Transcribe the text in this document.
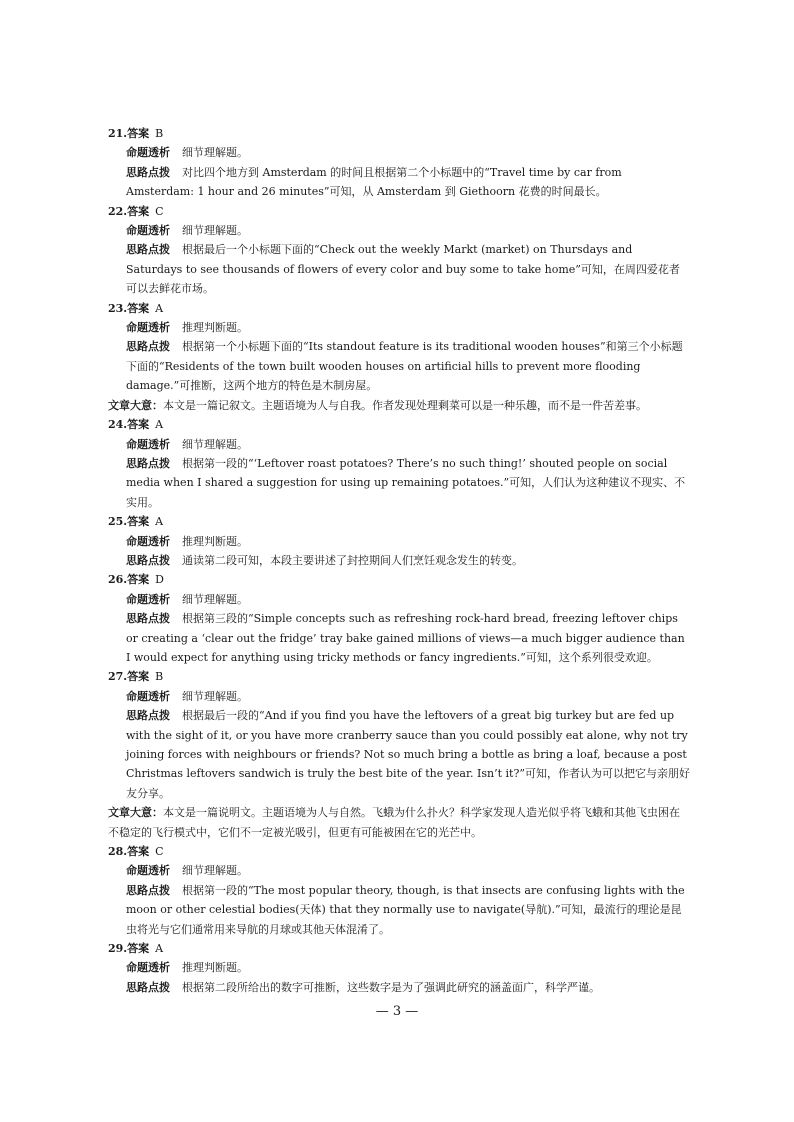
21.答案 B
命题透析 细节理解题。
思路点拨 对比四个地方到 Amsterdam 的时间且根据第二个小标题中的“Travel time by car from Amsterdam: 1 hour and 26 minutes”可知，从 Amsterdam 到 Giethoorn 花费的时间最长。
22.答案 C
命题透析 细节理解题。
思路点拨 根据最后一个小标题下面的“Check out the weekly Markt (market) on Thursdays and Saturdays to see thousands of flowers of every color and buy some to take home”可知，在周四爱花者可以去鲜花市场。
23.答案 A
命题透析 推理判断题。
思路点拨 根据第一个小标题下面的“Its standout feature is its traditional wooden houses”和第三个小标题下面的“Residents of the town built wooden houses on artificial hills to prevent more flooding damage.”可推断，这两个地方的特色是木制房屋。
文章大意：本文是一篇记叙文。主题语境为人与自我。作者发现处理剩菜可以是一种乐趣，而不是一件苦差事。
24.答案 A
命题透析 细节理解题。
思路点拨 根据第一段的“‘Leftover roast potatoes? There’s no such thing!’ shouted people on social media when I shared a suggestion for using up remaining potatoes.”可知，人们认为这种建议不现实、不实用。
25.答案 A
命题透析 推理判断题。
思路点拨 通读第二段可知，本段主要讲述了封控期间人们烹饪观念发生的转变。
26.答案 D
命题透析 细节理解题。
思路点拨 根据第三段的“Simple concepts such as refreshing rock-hard bread, freezing leftover chips or creating a ‘clear out the fridge’ tray bake gained millions of views—a much bigger audience than I would expect for anything using tricky methods or fancy ingredients.”可知，这个系列很受欢迎。
27.答案 B
命题透析 细节理解题。
思路点拨 根据最后一段的“And if you find you have the leftovers of a great big turkey but are fed up with the sight of it, or you have more cranberry sauce than you could possibly eat alone, why not try joining forces with neighbours or friends? Not so much bring a bottle as bring a loaf, because a post Christmas leftovers sandwich is truly the best bite of the year. Isn’t it?”可知，作者认为可以把它与亲朋好友分享。
文章大意：本文是一篇说明文。主题语境为人与自然。飞蛾为什么扑火？科学家发现人造光似乎将飞蛾和其他飞虫困在不稳定的飞行模式中，它们不一定被光吸引，但更有可能被困在它的光芒中。
28.答案 C
命题透析 细节理解题。
思路点拨 根据第一段的“The most popular theory, though, is that insects are confusing lights with the moon or other celestial bodies(天体) that they normally use to navigate(导航).”可知，最流行的理论是昆虫将光与它们通常用来导航的月球或其他天体混淆了。
29.答案 A
命题透析 推理判断题。
思路点拨 根据第二段所给出的数字可推断，这些数字是为了强调此研究的涵盖面广，科学严谨。
— 3 —
